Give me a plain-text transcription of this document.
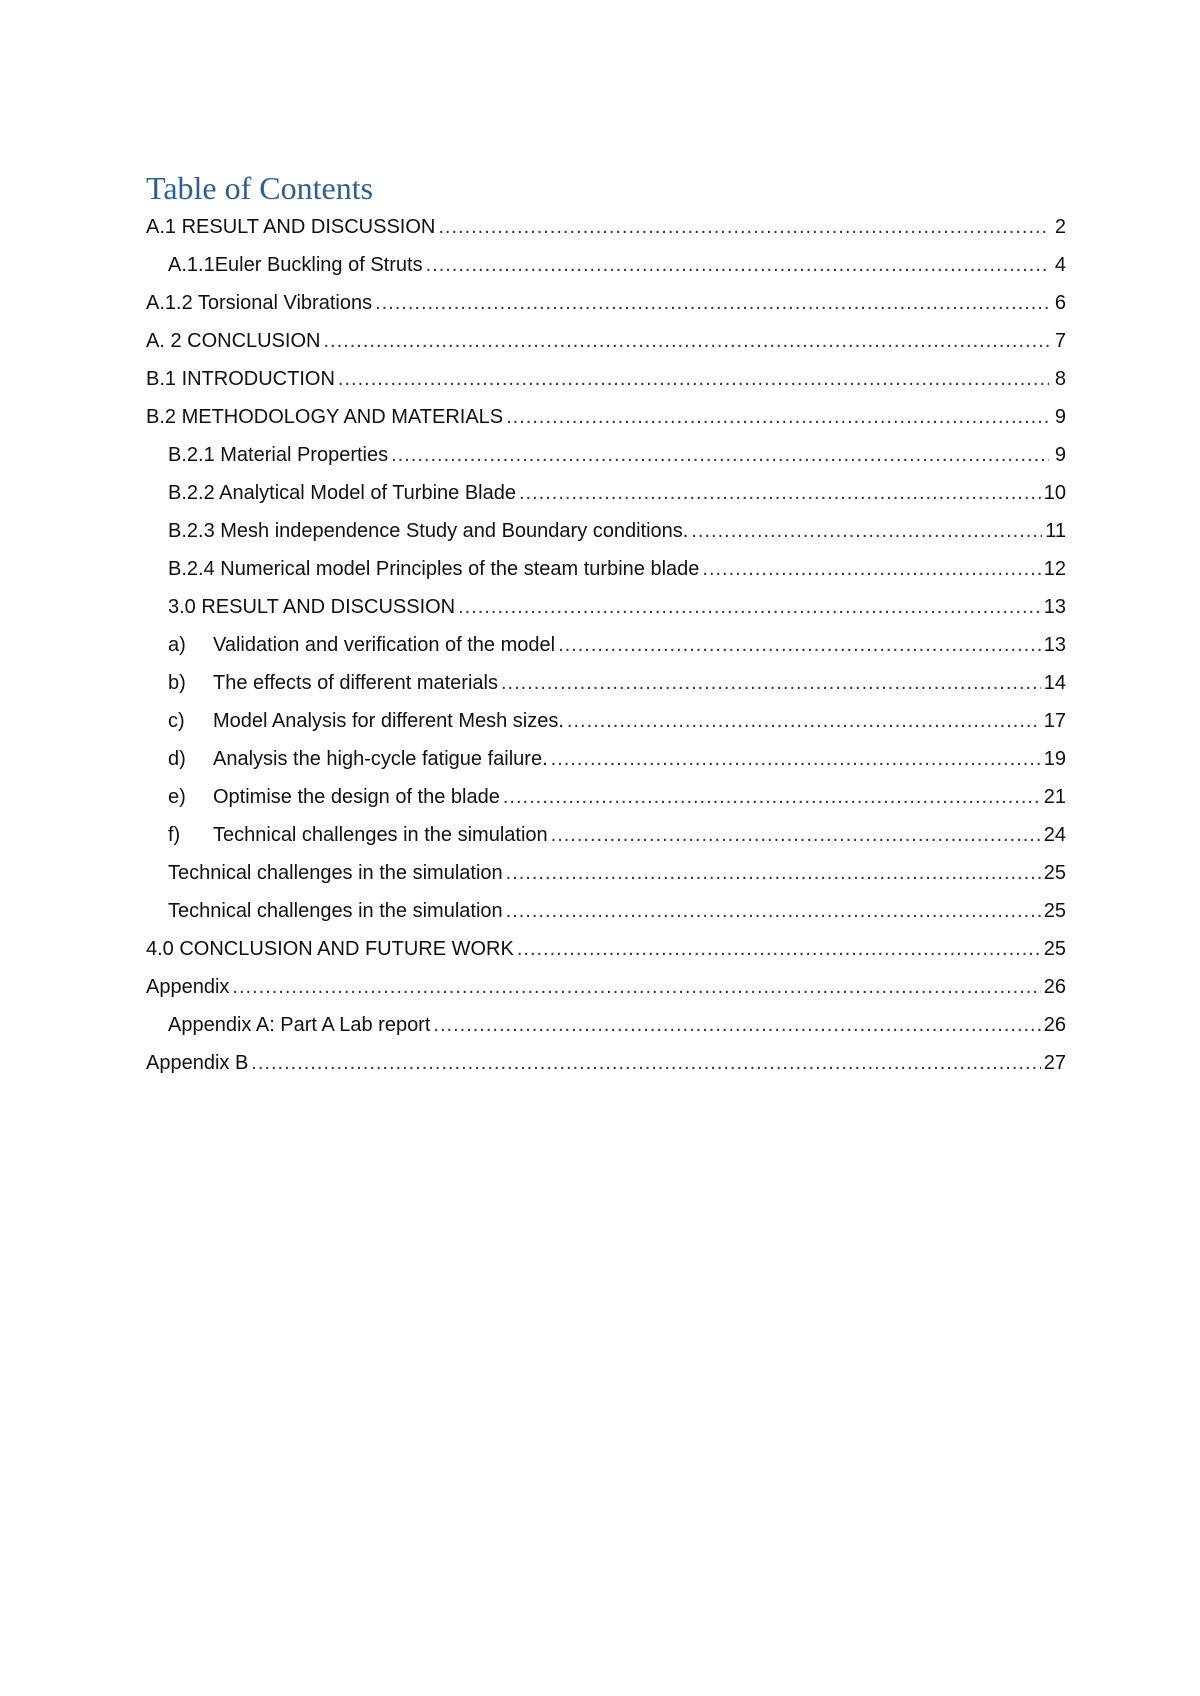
Table of Contents
A.1 RESULT AND DISCUSSION .....	2
A.1.1Euler Buckling of Struts .....	4
A.1.2 Torsional Vibrations .....	6
A. 2 CONCLUSION .....	7
B.1 INTRODUCTION .....	8
B.2 METHODOLOGY AND MATERIALS .....	9
B.2.1 Material Properties .....	9
B.2.2 Analytical Model of Turbine Blade .....	10
B.2.3 Mesh independence Study and Boundary conditions. .....	11
B.2.4 Numerical model Principles of the steam turbine blade .....	12
3.0 RESULT AND DISCUSSION .....	13
a)	Validation and verification of the model .....	13
b)	The effects of different materials .....	14
c)	Model Analysis for different Mesh sizes. .....	17
d)	Analysis the high-cycle fatigue failure. .....	19
e)	Optimise the design of the blade .....	21
f)	Technical challenges in the simulation .....	24
Technical challenges in the simulation .....	25
Technical challenges in the simulation .....	25
4.0 CONCLUSION AND FUTURE WORK .....	25
Appendix .....	26
Appendix A: Part A Lab report .....	26
Appendix B .....	27
